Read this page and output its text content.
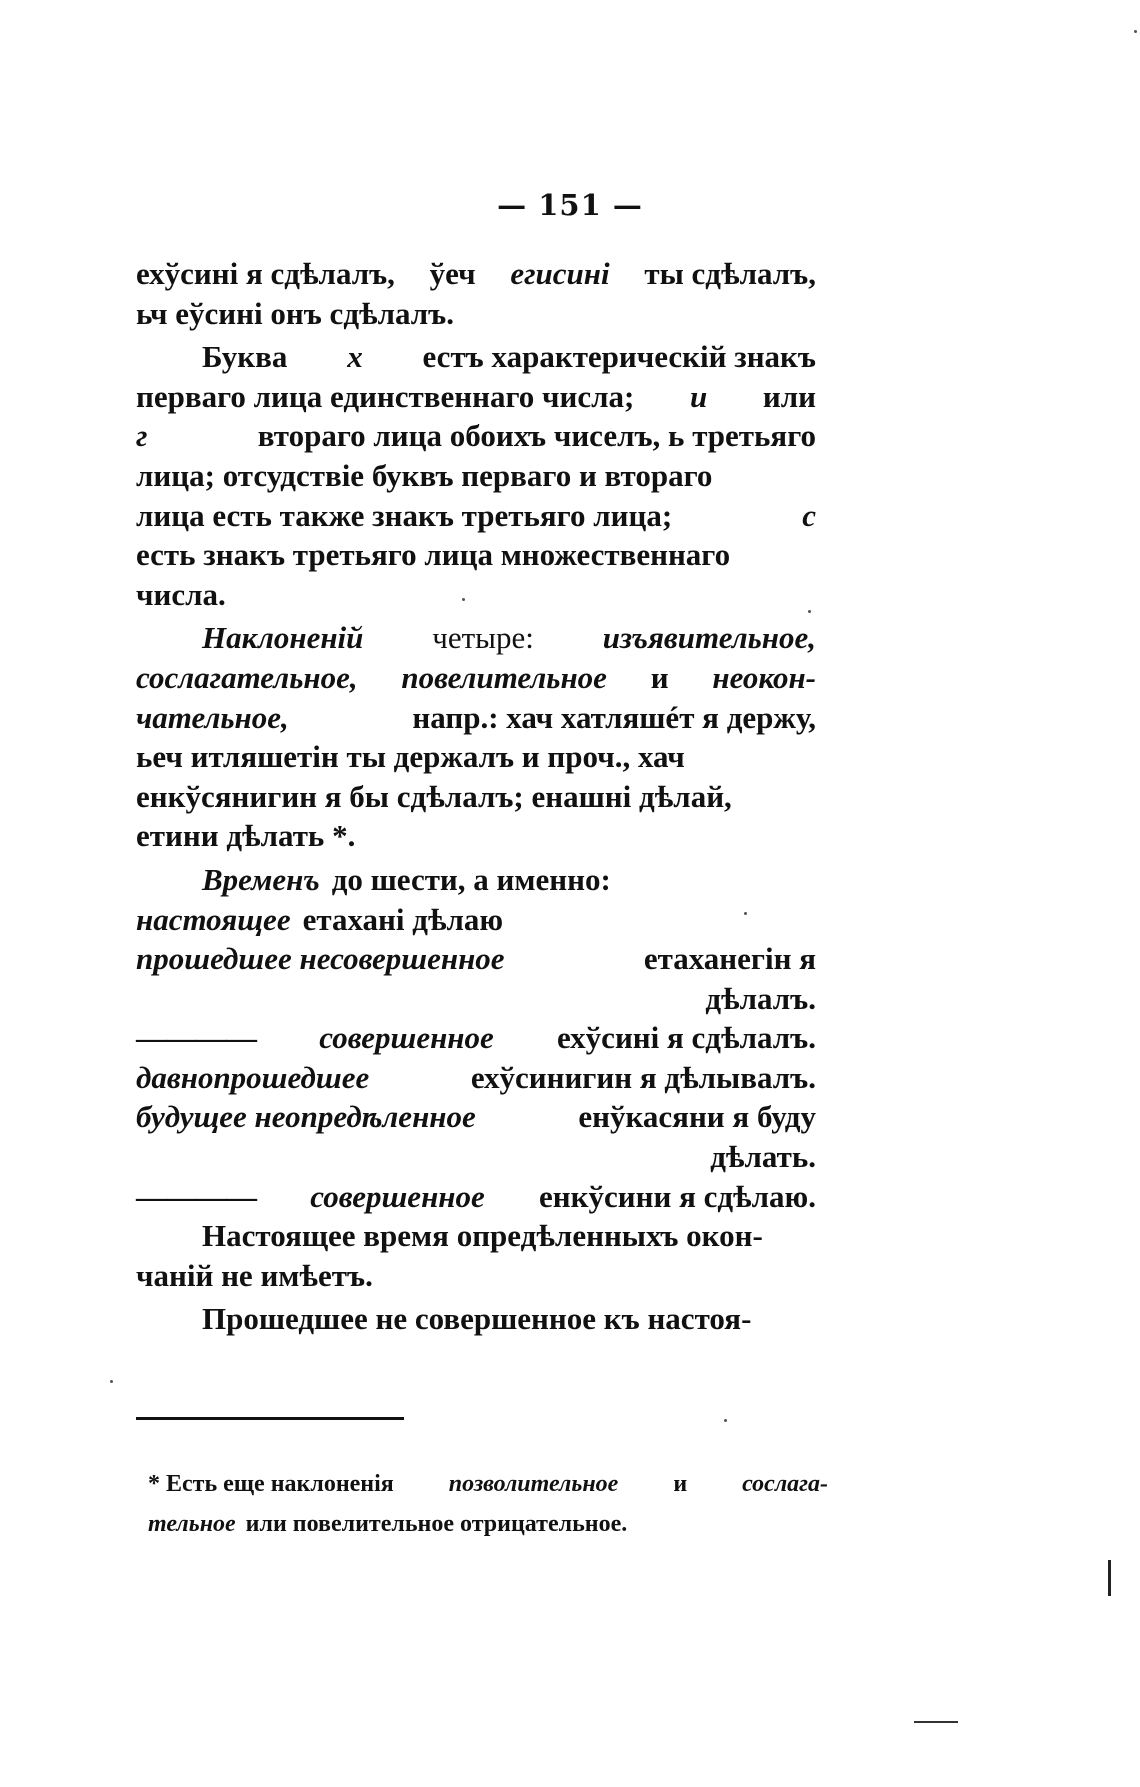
— 151 —
ехўсині я сдѣлалъ, ўеч егисині ты сдѣлалъ,
ьч еўсині онъ сдѣлалъ.
Буква х естъ характерическій знакъ
перваго лица единственнаго числа; и или
г	втораго лица обоихъ чиселъ, ь третьяго
лица; отсудствіе буквъ перваго и втораго
лица есть также знакъ третьяго лица;	с
есть знакъ третьяго лица множественнаго
числа.
Наклоненій четыре: изъявительное,
сослагательное, повелительное и неокон-
чательное,	напр.: хач хатляшéт я держу,
ьеч итляшетін ты держалъ и проч., хач
енкўсянигин я бы сдѣлалъ; енашні дѣлай,
етини дѣлать *.
Временъ до шести, а именно:
настоящее етахані дѣлаю
прошедшее несовершенное	етаханегін я
дѣлалъ.
———— совершенное ехўсині я сдѣлалъ.
давнопрошедшее	ехўсинигин я дѣлывалъ.
будущее неопредѣленное	енўкасяни я буду
дѣлать.
———— совершенное енкўсини я сдѣлаю.
Настоящее время опредѣленныхъ окон-
чаній не имѣетъ.
Прошедшее не совершенное къ настоя-
* Есть еще наклоненія позволительное и сослага-
тельное или повелительное отрицательное.
